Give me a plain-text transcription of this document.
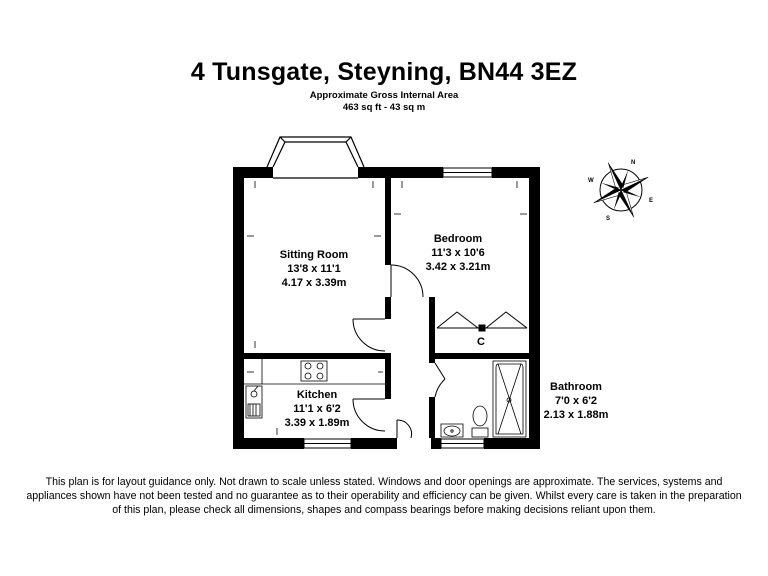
4 Tunsgate, Steyning, BN44 3EZ
Approximate Gross Internal Area
463 sq ft - 43 sq m
N
S
E
W
Sitting Room
13'8 x 11'1
4.17 x 3.39m
Bedroom
11'3 x 10'6
3.42 x 3.21m
Kitchen
11'1 x 6'2
3.39 x 1.89m
Bathroom
7'0 x 6'2
2.13 x 1.88m
C
This plan is for layout guidance only. Not drawn to scale unless stated. Windows and door openings are approximate. The services, systems and
appliances shown have not been tested and no guarantee as to their operability and efficiency can be given. Whilst every care is taken in the preparation
of this plan, please check all dimensions, shapes and compass bearings before making decisions reliant upon them.
